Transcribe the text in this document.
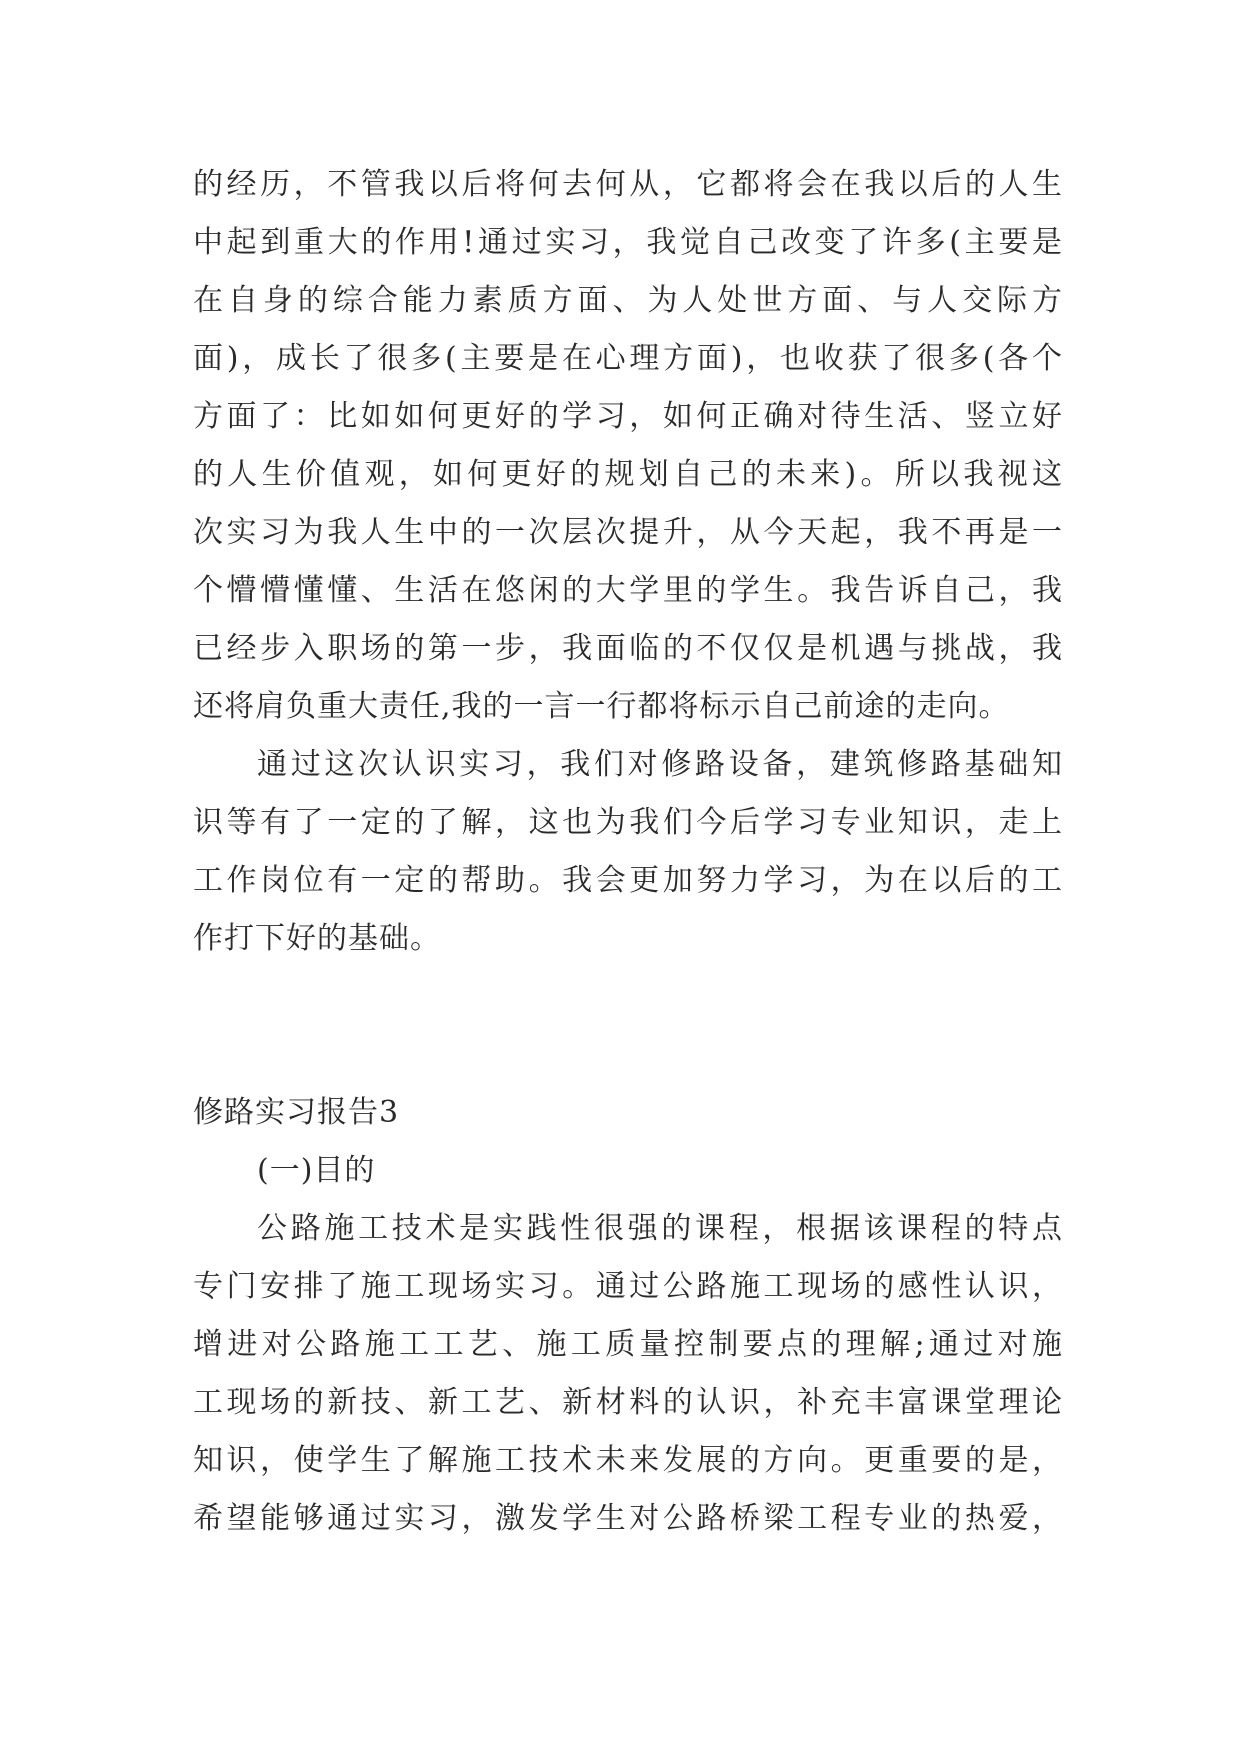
的经历，不管我以后将何去何从，它都将会在我以后的人生
中起到重大的作用!通过实习，我觉自己改变了许多(主要是
在自身的综合能力素质方面、为人处世方面、与人交际方
面)，成长了很多(主要是在心理方面)，也收获了很多(各个
方面了：比如如何更好的学习，如何正确对待生活、竖立好
的人生价值观，如何更好的规划自己的未来)。所以我视这
次实习为我人生中的一次层次提升，从今天起，我不再是一
个懵懵懂懂、生活在悠闲的大学里的学生。我告诉自己，我
已经步入职场的第一步，我面临的不仅仅是机遇与挑战，我
还将肩负重大责任,我的一言一行都将标示自己前途的走向。
通过这次认识实习，我们对修路设备，建筑修路基础知
识等有了一定的了解，这也为我们今后学习专业知识，走上
工作岗位有一定的帮助。我会更加努力学习，为在以后的工
作打下好的基础。
修路实习报告3
(一)目的
公路施工技术是实践性很强的课程，根据该课程的特点
专门安排了施工现场实习。通过公路施工现场的感性认识，
增进对公路施工工艺、施工质量控制要点的理解;通过对施
工现场的新技、新工艺、新材料的认识，补充丰富课堂理论
知识，使学生了解施工技术未来发展的方向。更重要的是，
希望能够通过实习，激发学生对公路桥梁工程专业的热爱，
